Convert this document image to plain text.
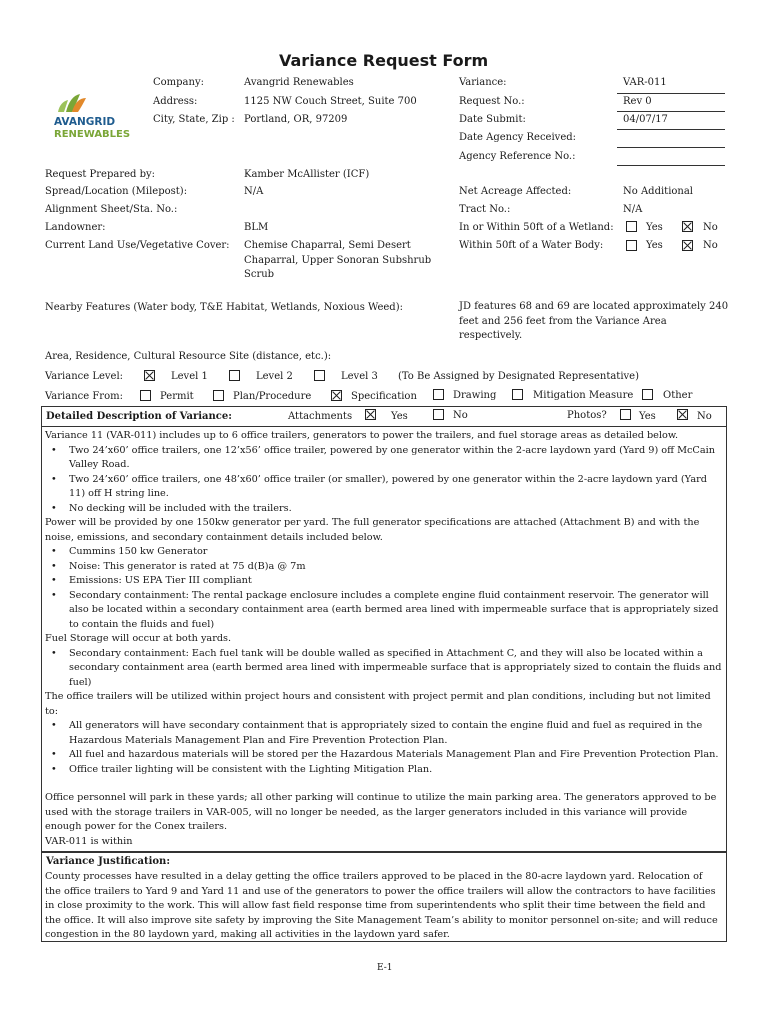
Variance Request Form
AVANGRID
RENEWABLES
Company:	Avangrid Renewables
Address:	1125 NW Couch Street, Suite 700
City, State, Zip : Portland, OR, 97209
Variance:	VAR-011
Request No.:	Rev 0
Date Submit:	04/07/17
Date Agency Received:
Agency Reference No.:
Request Prepared by:	Kamber McAllister (ICF)
Spread/Location (Milepost):	N/A
Alignment Sheet/Sta. No.:
Landowner:	BLM
Current Land Use/Vegetative Cover: Chemise Chaparral, Semi Desert Chaparral, Upper Sonoran Subshrub Scrub
Net Acreage Affected:	No Additional
Tract No.:	N/A
In or Within 50ft of a Wetland:	Yes	No
Within 50ft of a Water Body:	Yes	No
Nearby Features (Water body, T&E Habitat, Wetlands, Noxious Weed):	JD features 68 and 69 are located approximately 240 feet and 256 feet from the Variance Area respectively.
Area, Residence, Cultural Resource Site (distance, etc.):
Variance Level:	Level 1	Level 2	Level 3 (To Be Assigned by Designated Representative)
Variance From:	Permit	Plan/Procedure	Specification	Drawing	Mitigation Measure	Other
Detailed Description of Variance:	Attachments	Yes	No	Photos?	Yes	No
Variance 11 (VAR-011) includes up to 6 office trailers, generators to power the trailers, and fuel storage areas as detailed below.
• Two 24’x60’ office trailers, one 12’x56’ office trailer, powered by one generator within the 2-acre laydown yard (Yard 9) off McCain Valley Road.
• Two 24’x60’ office trailers, one 48’x60’ office trailer (or smaller), powered by one generator within the 2-acre laydown yard (Yard 11) off H string line.
• No decking will be included with the trailers.
Power will be provided by one 150kw generator per yard. The full generator specifications are attached (Attachment B) and with the noise, emissions, and secondary containment details included below.
• Cummins 150 kw Generator
• Noise: This generator is rated at 75 d(B)a @ 7m
• Emissions: US EPA Tier III compliant
• Secondary containment: The rental package enclosure includes a complete engine fluid containment reservoir. The generator will also be located within a secondary containment area (earth bermed area lined with impermeable surface that is appropriately sized to contain the fluids and fuel)
Fuel Storage will occur at both yards.
• Secondary containment: Each fuel tank will be double walled as specified in Attachment C, and they will also be located within a secondary containment area (earth bermed area lined with impermeable surface that is appropriately sized to contain the fluids and fuel)
The office trailers will be utilized within project hours and consistent with project permit and plan conditions, including but not limited to:
• All generators will have secondary containment that is appropriately sized to contain the engine fluid and fuel as required in the Hazardous Materials Management Plan and Fire Prevention Protection Plan.
• All fuel and hazardous materials will be stored per the Hazardous Materials Management Plan and Fire Prevention Protection Plan.
• Office trailer lighting will be consistent with the Lighting Mitigation Plan.
Office personnel will park in these yards; all other parking will continue to utilize the main parking area. The generators approved to be used with the storage trailers in VAR-005, will no longer be needed, as the larger generators included in this variance will provide enough power for the Conex trailers.
VAR-011 is within
Variance Justification:
County processes have resulted in a delay getting the office trailers approved to be placed in the 80-acre laydown yard. Relocation of the office trailers to Yard 9 and Yard 11 and use of the generators to power the office trailers will allow the contractors to have facilities in close proximity to the work. This will allow fast field response time from superintendents who split their time between the field and the office. It will also improve site safety by improving the Site Management Team’s ability to monitor personnel on-site; and will reduce congestion in the 80 laydown yard, making all activities in the laydown yard safer.
E-1
